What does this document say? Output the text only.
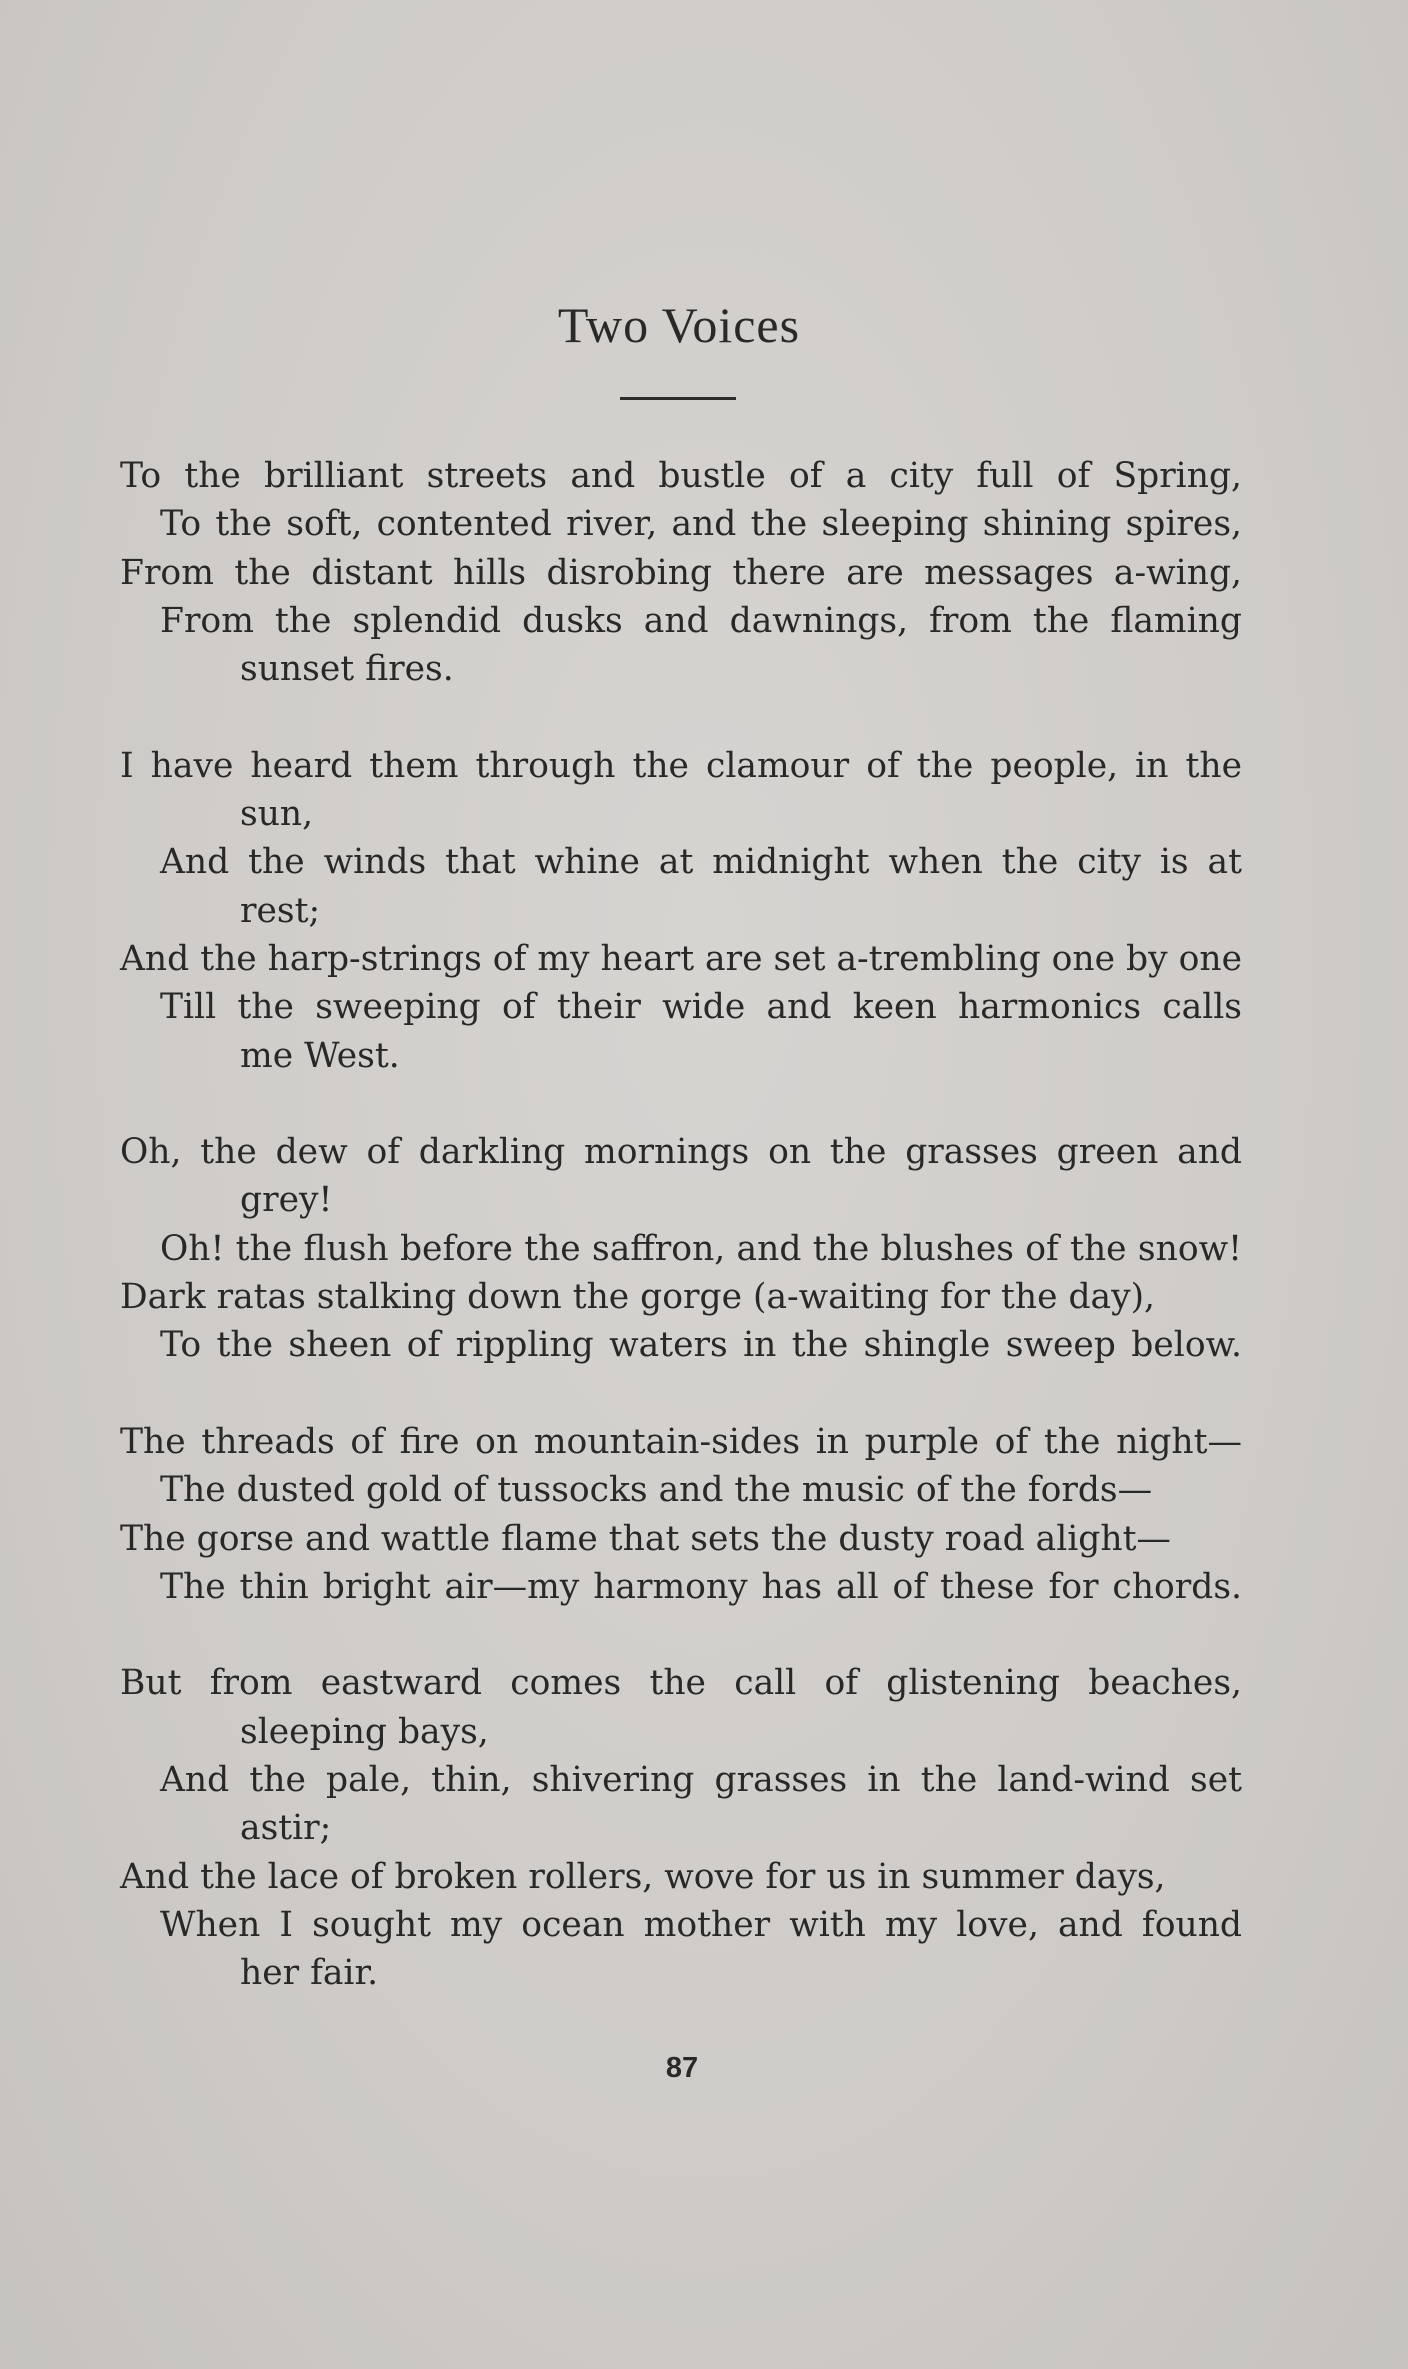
Two Voices
To the brilliant streets and bustle of a city full of Spring,
To the soft, contented river, and the sleeping shining spires,
From the distant hills disrobing there are messages a-wing,
From the splendid dusks and dawnings, from the flaming
sunset fires.
I have heard them through the clamour of the people, in the
sun,
And the winds that whine at midnight when the city is at
rest;
And the harp-strings of my heart are set a-trembling one by one
Till the sweeping of their wide and keen harmonics calls
me West.
Oh, the dew of darkling mornings on the grasses green and
grey!
Oh! the flush before the saffron, and the blushes of the snow!
Dark ratas stalking down the gorge (a-waiting for the day),
To the sheen of rippling waters in the shingle sweep below.
The threads of fire on mountain-sides in purple of the night—
The dusted gold of tussocks and the music of the fords—
The gorse and wattle flame that sets the dusty road alight—
The thin bright air—my harmony has all of these for chords.
But from eastward comes the call of glistening beaches,
sleeping bays,
And the pale, thin, shivering grasses in the land-wind set
astir;
And the lace of broken rollers, wove for us in summer days,
When I sought my ocean mother with my love, and found
her fair.
87
